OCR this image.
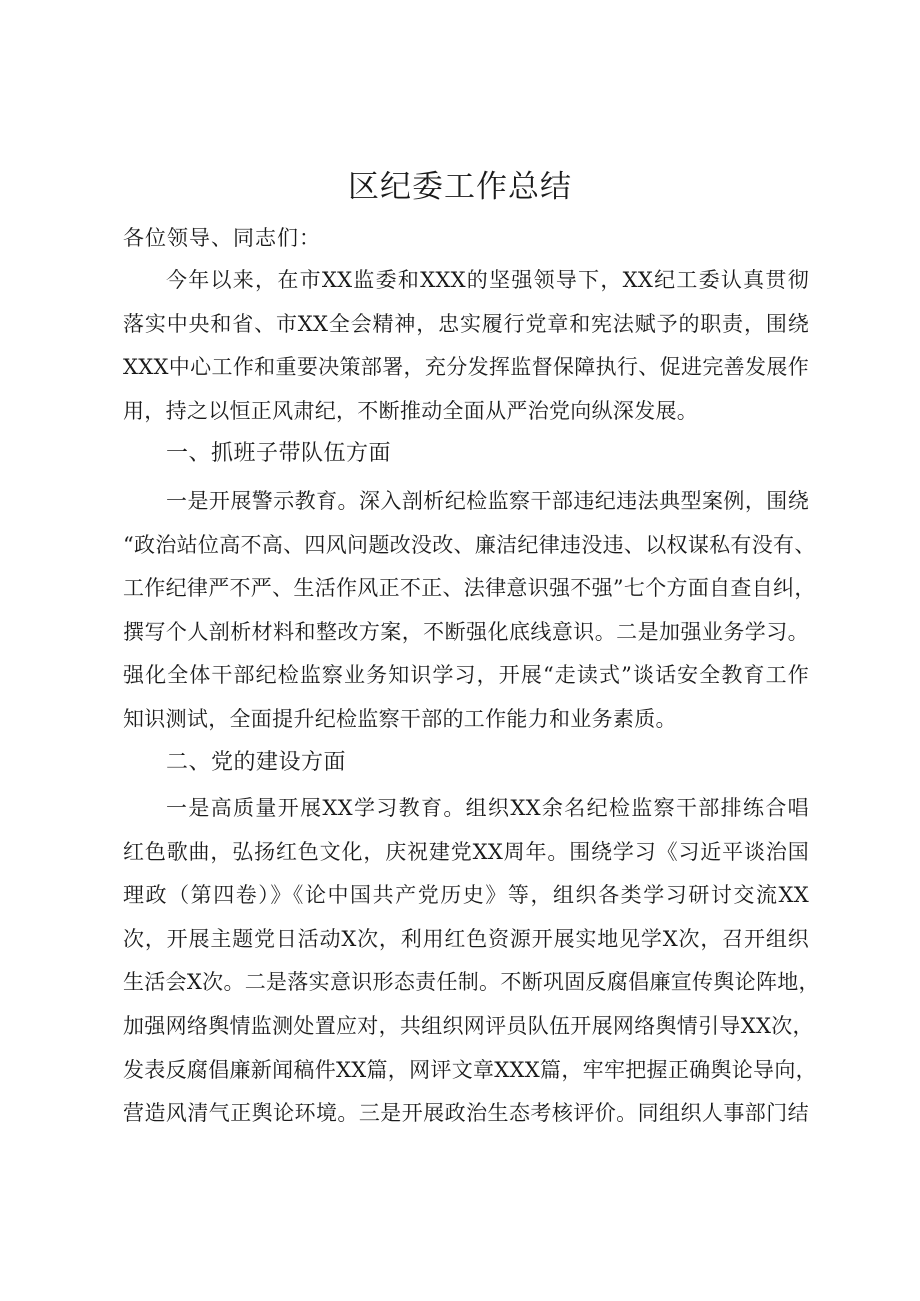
区纪委工作总结
各位领导、同志们：
今年以来，在市XX监委和XXX的坚强领导下，XX纪工委认真贯彻
落实中央和省、市XX全会精神，忠实履行党章和宪法赋予的职责，围绕
XXX中心工作和重要决策部署，充分发挥监督保障执行、促进完善发展作
用，持之以恒正风肃纪，不断推动全面从严治党向纵深发展。
一、抓班子带队伍方面
一是开展警示教育。深入剖析纪检监察干部违纪违法典型案例，围绕
“政治站位高不高、四风问题改没改、廉洁纪律违没违、以权谋私有没有、
工作纪律严不严、生活作风正不正、法律意识强不强”七个方面自查自纠，
撰写个人剖析材料和整改方案，不断强化底线意识。二是加强业务学习。
强化全体干部纪检监察业务知识学习，开展“走读式”谈话安全教育工作
知识测试，全面提升纪检监察干部的工作能力和业务素质。
二、党的建设方面
一是高质量开展XX学习教育。组织XX余名纪检监察干部排练合唱
红色歌曲，弘扬红色文化，庆祝建党XX周年。围绕学习《习近平谈治国
理政（第四卷）》《论中国共产党历史》等，组织各类学习研讨交流XX
次，开展主题党日活动X次，利用红色资源开展实地见学X次，召开组织
生活会X次。二是落实意识形态责任制。不断巩固反腐倡廉宣传舆论阵地，
加强网络舆情监测处置应对，共组织网评员队伍开展网络舆情引导XX次，
发表反腐倡廉新闻稿件XX篇，网评文章XXX篇，牢牢把握正确舆论导向，
营造风清气正舆论环境。三是开展政治生态考核评价。同组织人事部门结
